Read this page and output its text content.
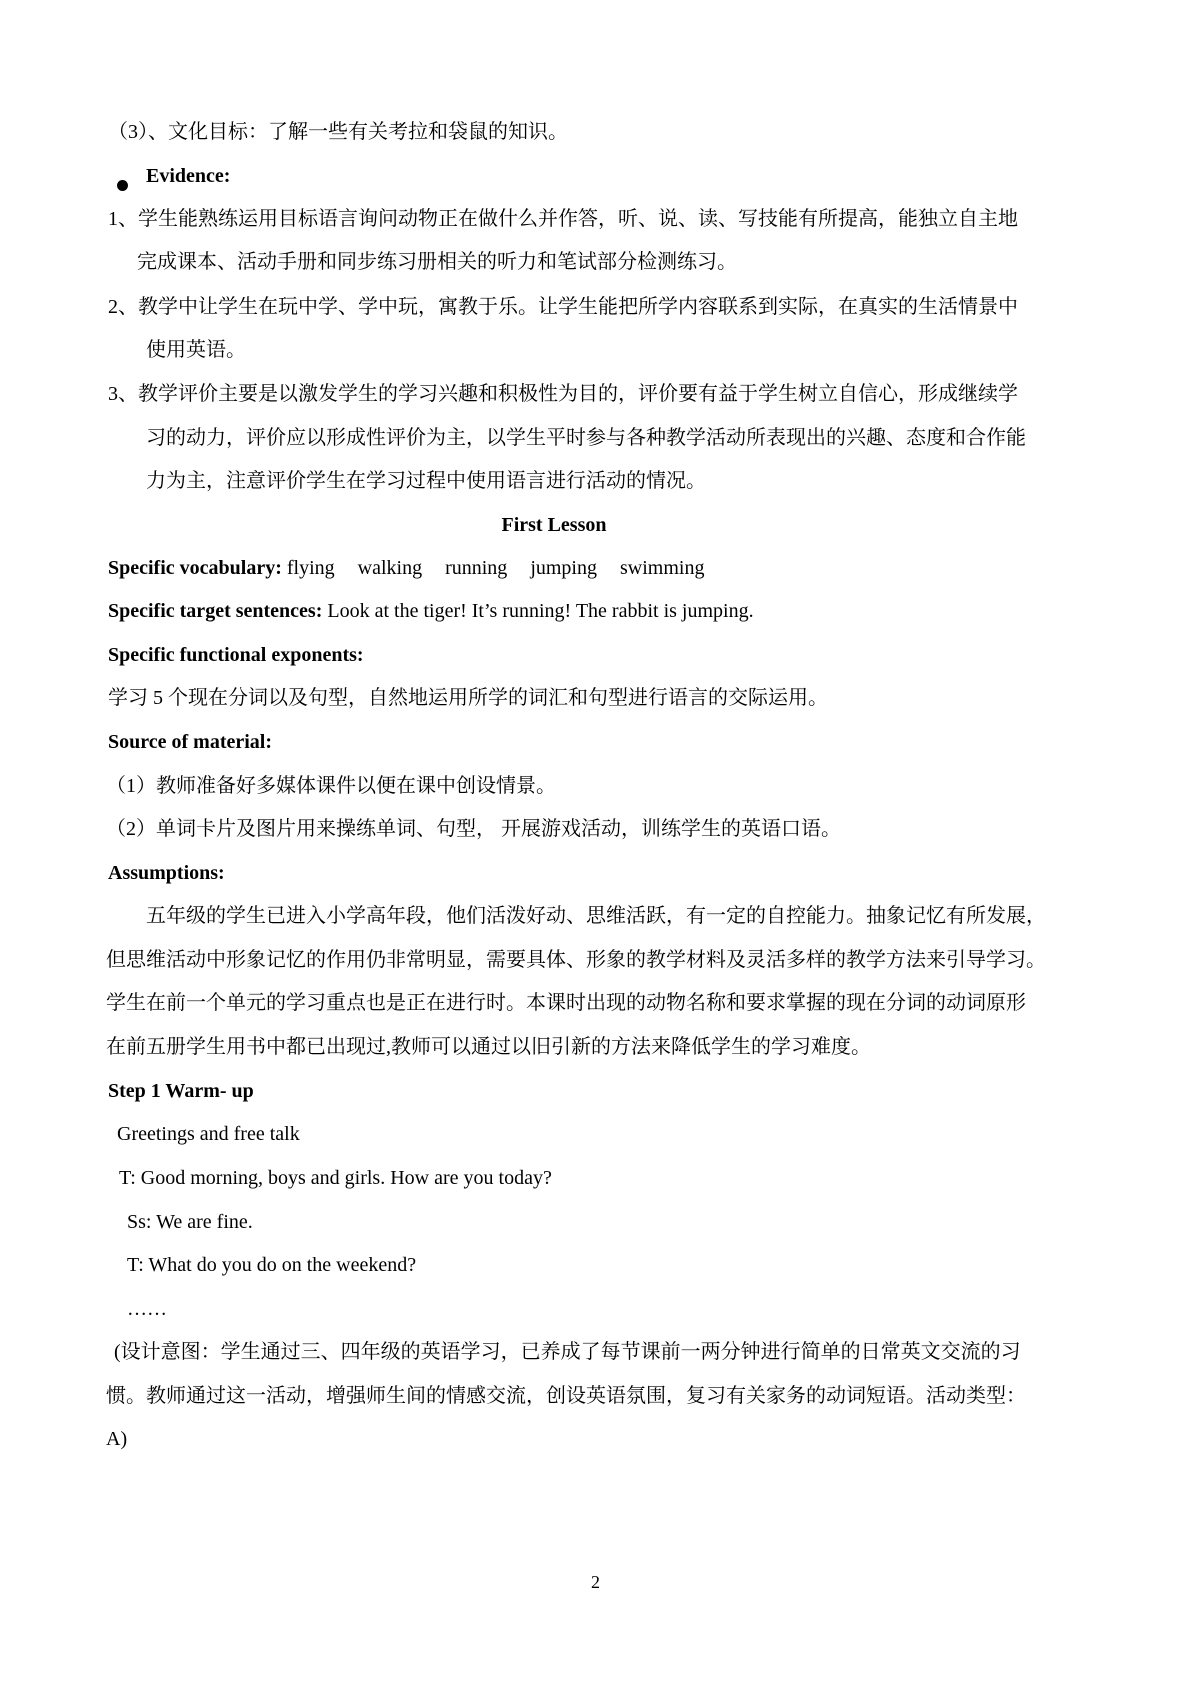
（3）、文化目标：了解一些有关考拉和袋鼠的知识。
Evidence:
1、学生能熟练运用目标语言询问动物正在做什么并作答，听、说、读、写技能有所提高，能独立自主地
完成课本、活动手册和同步练习册相关的听力和笔试部分检测练习。
2、教学中让学生在玩中学、学中玩，寓教于乐。让学生能把所学内容联系到实际，在真实的生活情景中
使用英语。
3、教学评价主要是以激发学生的学习兴趣和积极性为目的，评价要有益于学生树立自信心，形成继续学
习的动力，评价应以形成性评价为主，以学生平时参与各种教学活动所表现出的兴趣、态度和合作能
力为主，注意评价学生在学习过程中使用语言进行活动的情况。
First Lesson
Specific vocabulary: flying walking running jumping swimming
Specific target sentences: Look at the tiger! It’s running! The rabbit is jumping.
Specific functional exponents:
学习 5 个现在分词以及句型，自然地运用所学的词汇和句型进行语言的交际运用。
Source of material:
（1）教师准备好多媒体课件以便在课中创设情景。
（2）单词卡片及图片用来操练单词、句型， 开展游戏活动，训练学生的英语口语。
Assumptions:
五年级的学生已进入小学高年段，他们活泼好动、思维活跃，有一定的自控能力。抽象记忆有所发展，
但思维活动中形象记忆的作用仍非常明显，需要具体、形象的教学材料及灵活多样的教学方法来引导学习。
学生在前一个单元的学习重点也是正在进行时。本课时出现的动物名称和要求掌握的现在分词的动词原形
在前五册学生用书中都已出现过,教师可以通过以旧引新的方法来降低学生的学习难度。
Step 1 Warm- up
Greetings and free talk
T: Good morning, boys and girls. How are you today?
Ss: We are fine.
T: What do you do on the weekend?
……
(设计意图：学生通过三、四年级的英语学习，已养成了每节课前一两分钟进行简单的日常英文交流的习
惯。教师通过这一活动，增强师生间的情感交流，创设英语氛围，复习有关家务的动词短语。活动类型：
A)
2
